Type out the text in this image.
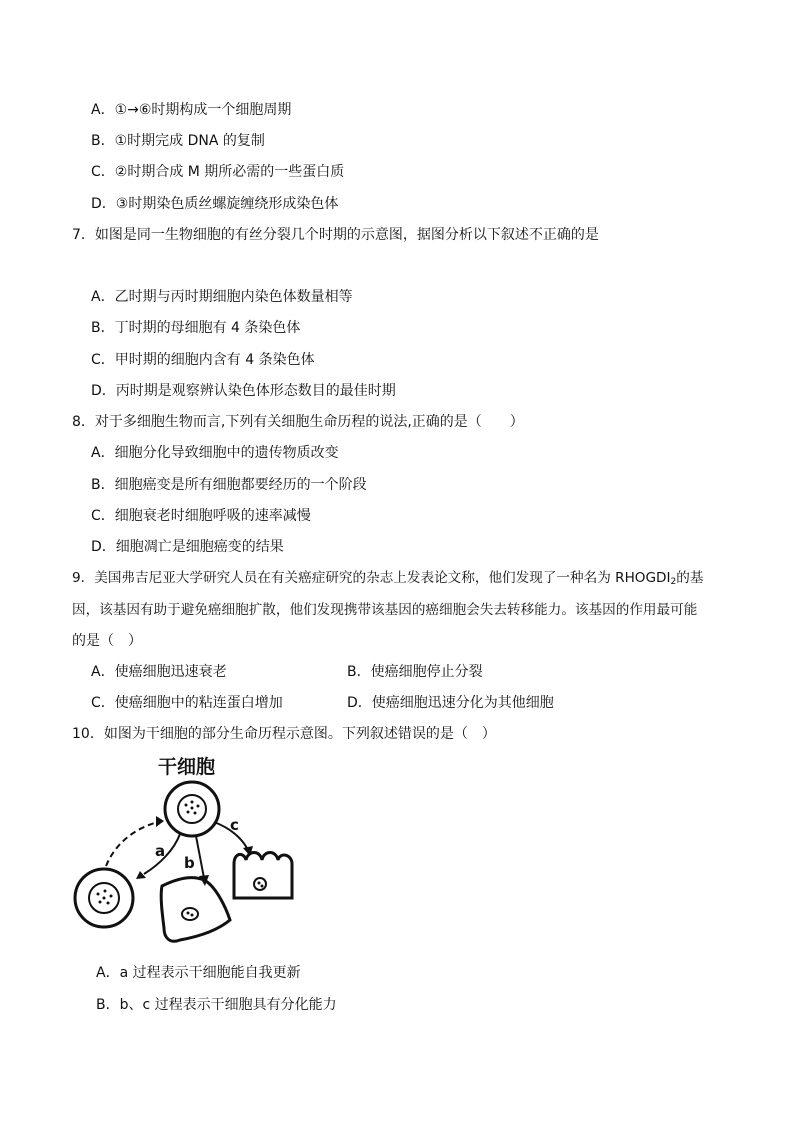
A．①→⑥时期构成一个细胞周期
B．①时期完成 DNA 的复制
C．②时期合成 M 期所必需的一些蛋白质
D．③时期染色质丝螺旋缠绕形成染色体
7．如图是同一生物细胞的有丝分裂几个时期的示意图，据图分析以下叙述不正确的是
A．乙时期与丙时期细胞内染色体数量相等
B．丁时期的母细胞有 4 条染色体
C．甲时期的细胞内含有 4 条染色体
D．丙时期是观察辨认染色体形态数目的最佳时期
8．对于多细胞生物而言,下列有关细胞生命历程的说法,正确的是（　　）
A．细胞分化导致细胞中的遗传物质改变
B．细胞癌变是所有细胞都要经历的一个阶段
C．细胞衰老时细胞呼吸的速率减慢
D．细胞凋亡是细胞癌变的结果
9．美国弗吉尼亚大学研究人员在有关癌症研究的杂志上发表论文称，他们发现了一种名为 $RHOGDI_2$的基
因，该基因有助于避免癌细胞扩散，他们发现携带该基因的癌细胞会失去转移能力。该基因的作用最可能
的是（　）
A．使癌细胞迅速衰老	B．使癌细胞停止分裂
C．使癌细胞中的粘连蛋白增加	D．使癌细胞迅速分化为其他细胞
10．如图为干细胞的部分生命历程示意图。下列叙述错误的是（　）
干细胞
a
b
c
A．a 过程表示干细胞能自我更新
B．b、c 过程表示干细胞具有分化能力
